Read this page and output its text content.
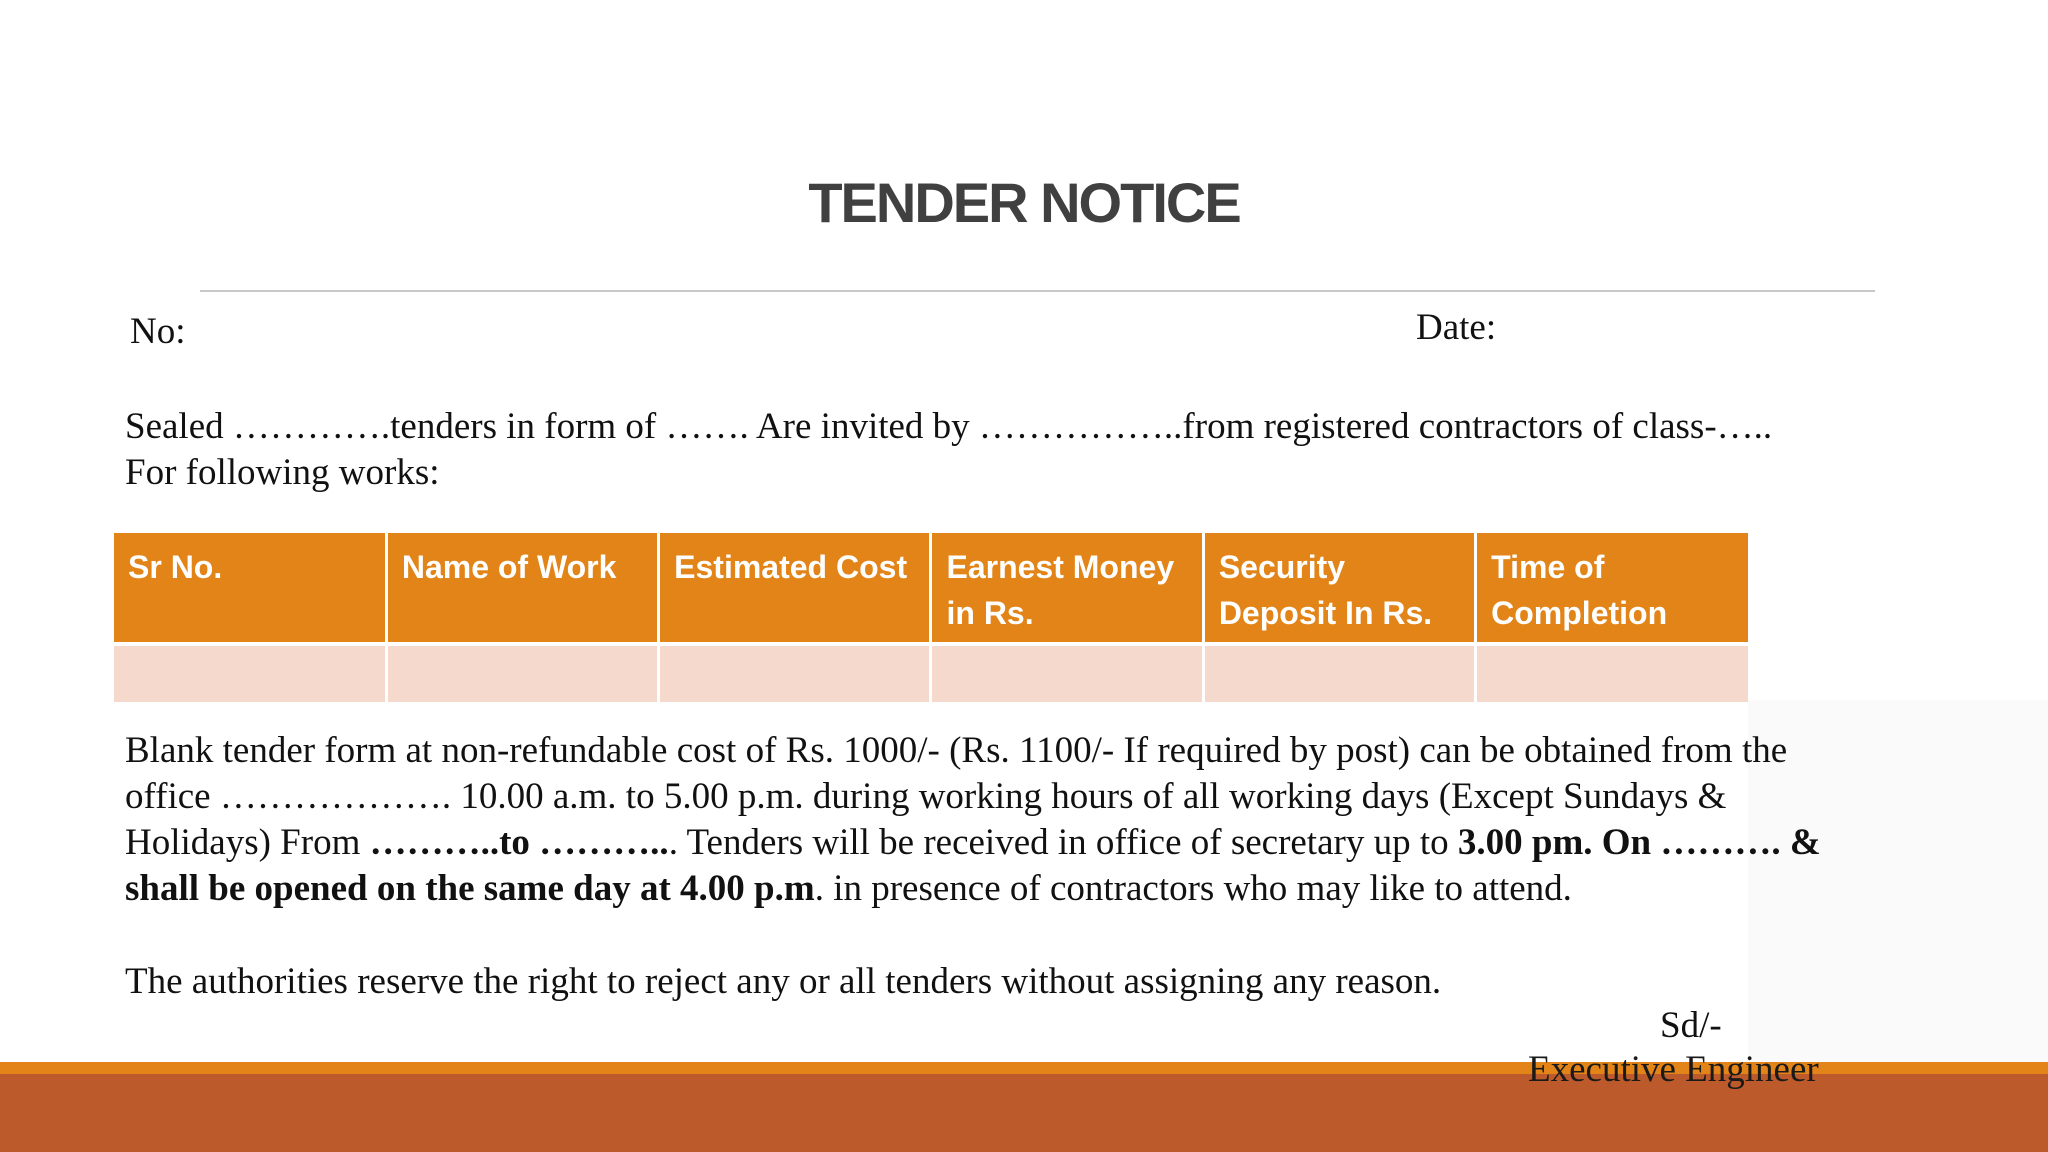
TENDER NOTICE
No:	Date:
Sealed ………….tenders in form of ……. Are invited by ……………..from registered contractors of class-….. For following works:
Sr No.	Name of Work	Estimated Cost	Earnest Money in Rs.	Security Deposit In Rs.	Time of Completion

Blank tender form at non-refundable cost of Rs. 1000/- (Rs. 1100/- If required by post) can be obtained from the office ………………. 10.00 a.m. to 5.00 p.m. during working hours of all working days (Except Sundays & Holidays) From ………..to ………... Tenders will be received in office of secretary up to 3.00 pm. On ………. & shall be opened on the same day at 4.00 p.m. in presence of contractors who may like to attend.
The authorities reserve the right to reject any or all tenders without assigning any reason.
Sd/-
Executive Engineer
